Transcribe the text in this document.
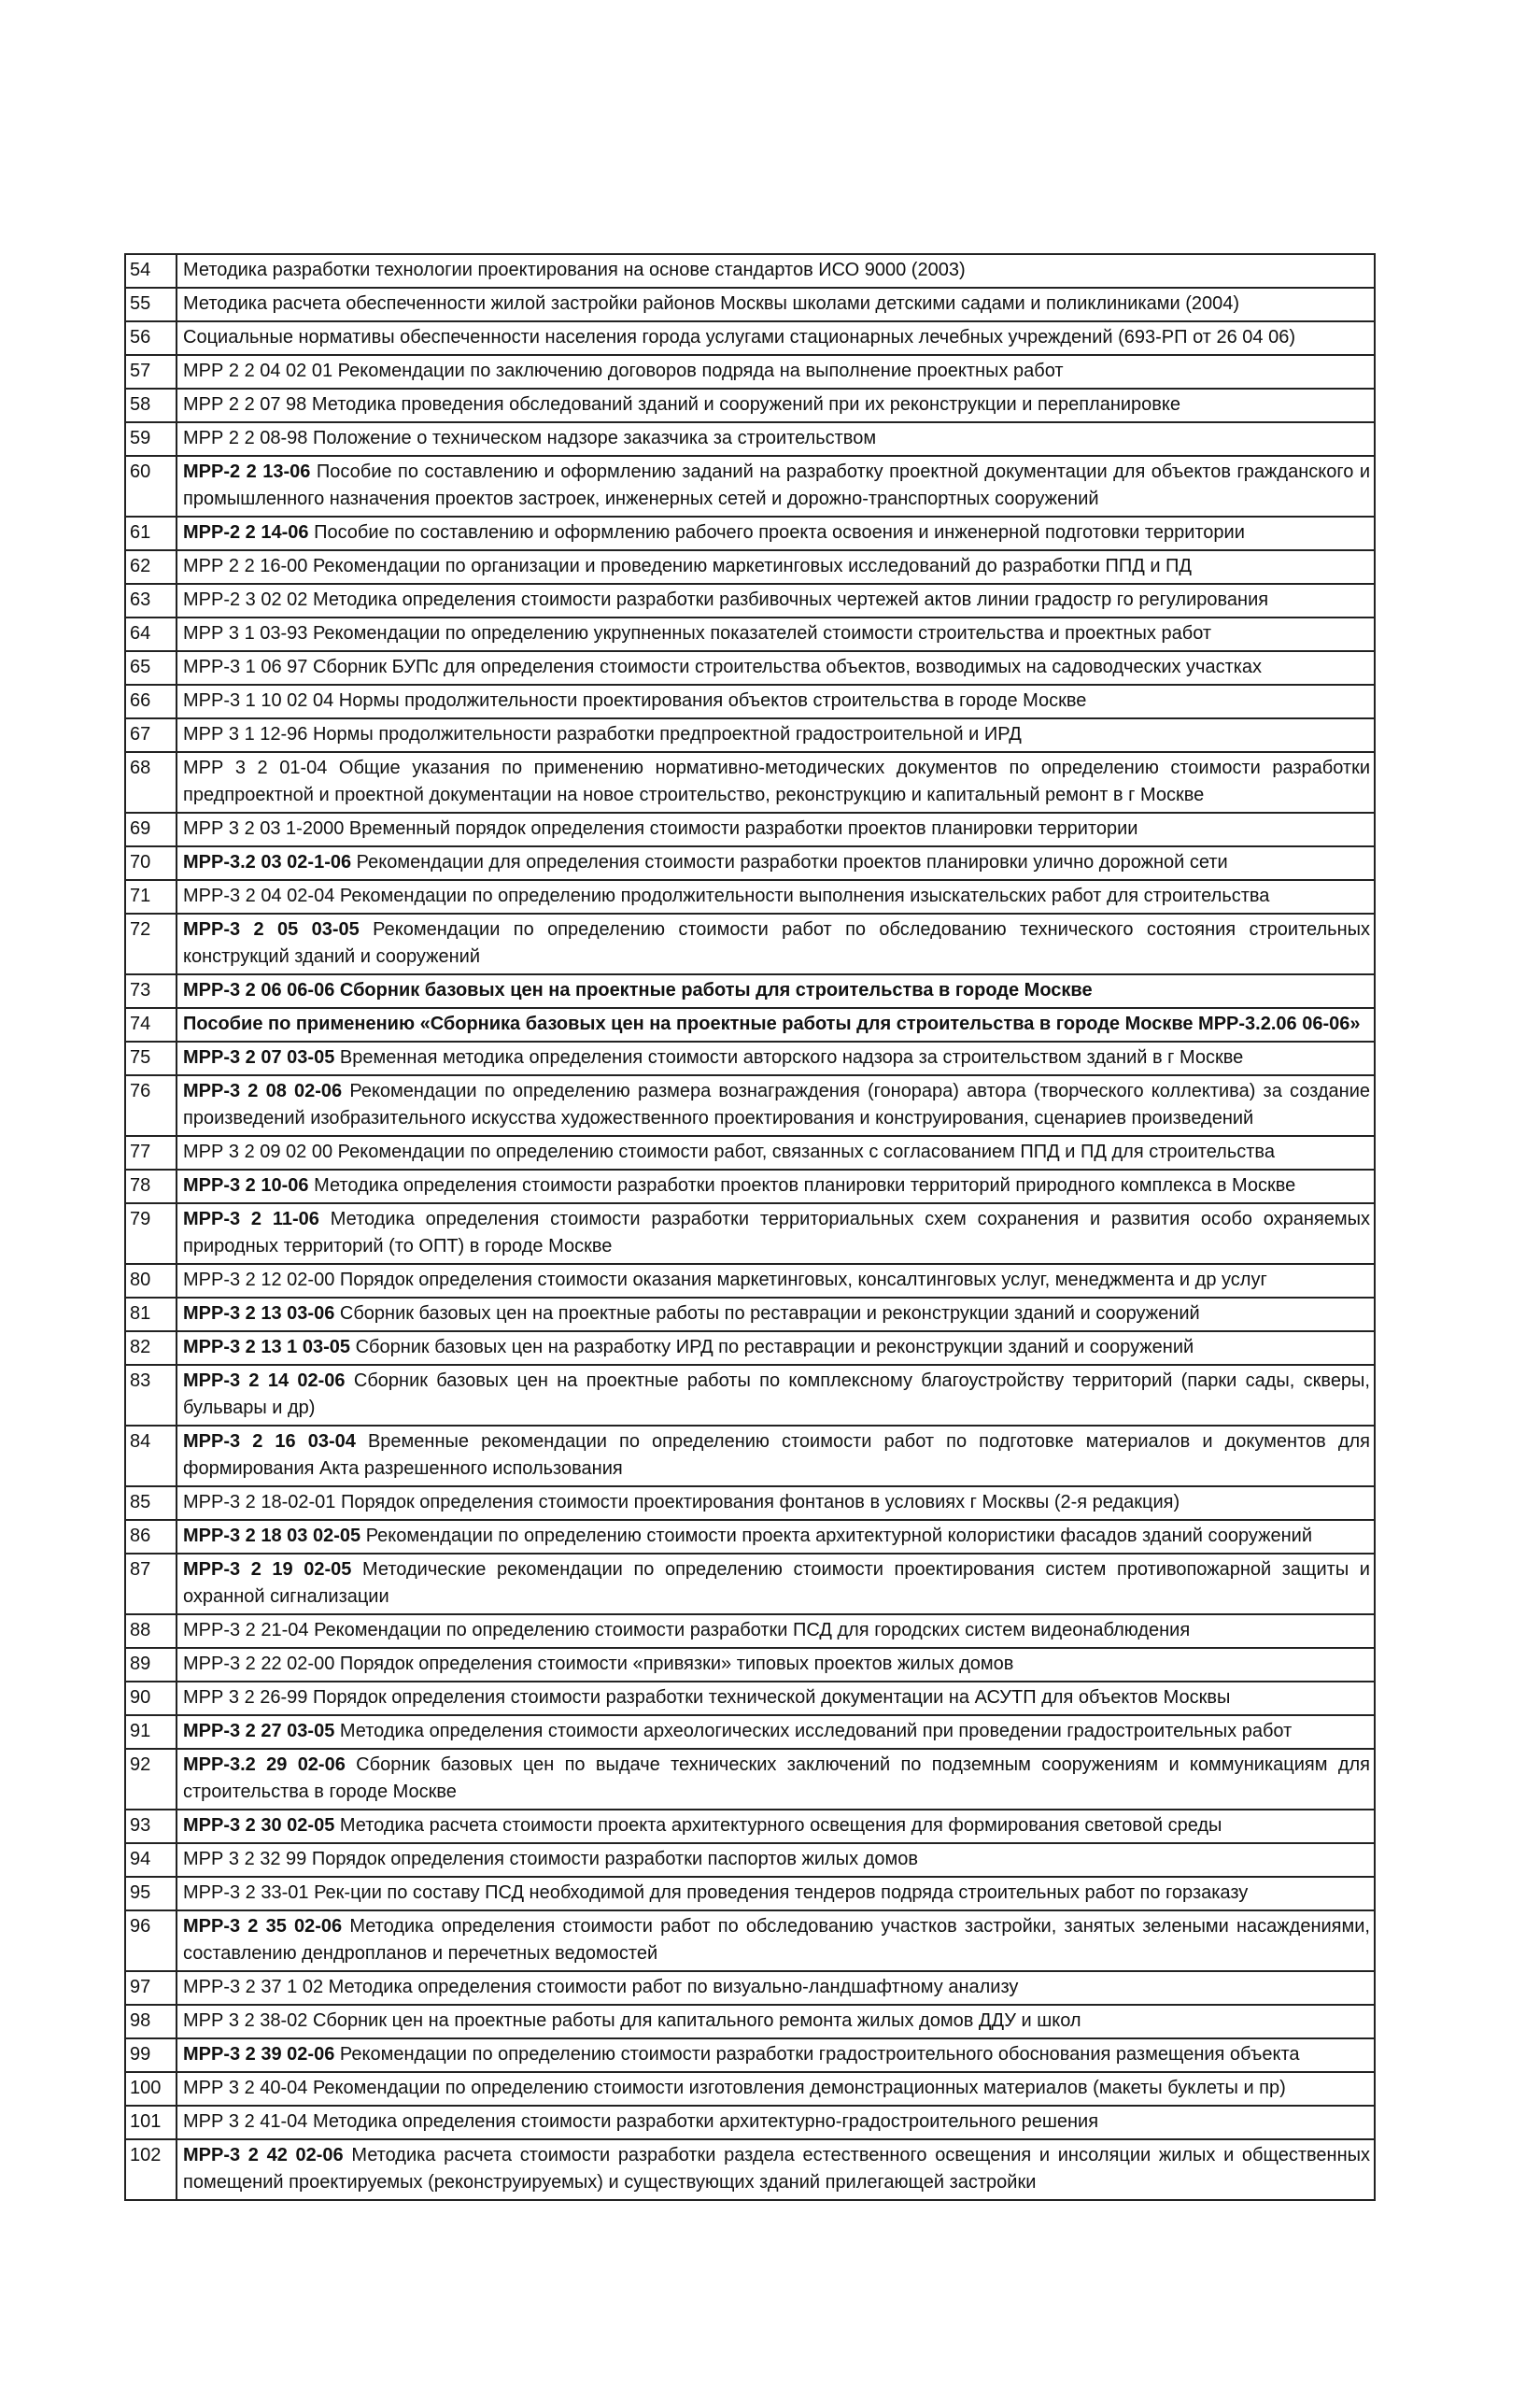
54	Методика разработки технологии проектирования на основе стандартов ИСО 9000 (2003)
55	Методика расчета обеспеченности жилой застройки районов Москвы школами детскими садами и поликлиниками (2004)
56	Социальные нормативы обеспеченности населения города услугами стационарных лечебных учреждений (693-РП от 26 04 06)
57	МРР 2 2 04 02 01 Рекомендации по заключению договоров подряда на выполнение проектных работ
58	МРР 2 2 07 98 Методика проведения обследований зданий и сооружений при их реконструкции и перепланировке
59	МРР 2 2 08-98 Положение о техническом надзоре заказчика за строительством
60	МРР-2 2 13-06 Пособие по составлению и оформлению заданий на разработку проектной документации для объектов гражданского и промышленного назначения проектов застроек, инженерных сетей и дорожно-транспортных сооружений
61	МРР-2 2 14-06 Пособие по составлению и оформлению рабочего проекта освоения и инженерной подготовки территории
62	МРР 2 2 16-00 Рекомендации по организации и проведению маркетинговых исследований до разработки ППД и ПД
63	МРР-2 3 02 02 Методика определения стоимости разработки разбивочных чертежей актов линии градостр го регулирования
64	МРР 3 1 03-93 Рекомендации по определению укрупненных показателей стоимости строительства и проектных работ
65	МРР-3 1 06 97 Сборник БУПс для определения стоимости строительства объектов, возводимых на садоводческих участках
66	МРР-3 1 10 02 04 Нормы продолжительности проектирования объектов строительства в городе Москве
67	МРР 3 1 12-96 Нормы продолжительности разработки предпроектной градостроительной и ИРД
68	МРР 3 2 01-04 Общие указания по применению нормативно-методических документов по определению стоимости разработки предпроектной и проектной документации на новое строительство, реконструкцию и капитальный ремонт в г Москве
69	МРР 3 2 03 1-2000 Временный порядок определения стоимости разработки проектов планировки территории
70	МРР-3.2 03 02-1-06 Рекомендации для определения стоимости разработки проектов планировки улично дорожной сети
71	МРР-3 2 04 02-04 Рекомендации по определению продолжительности выполнения изыскательских работ для строительства
72	МРР-3 2 05 03-05 Рекомендации по определению стоимости работ по обследованию технического состояния строительных конструкций зданий и сооружений
73	МРР-3 2 06 06-06 Сборник базовых цен на проектные работы для строительства в городе Москве
74	Пособие по применению «Сборника базовых цен на проектные работы для строительства в городе Москве МРР-3.2.06 06-06»
75	МРР-3 2 07 03-05 Временная методика определения стоимости авторского надзора за строительством зданий в г Москве
76	МРР-3 2 08 02-06 Рекомендации по определению размера вознаграждения (гонорара) автора (творческого коллектива) за создание произведений изобразительного искусства художественного проектирования и конструирования, сценариев произведений
77	МРР 3 2 09 02 00 Рекомендации по определению стоимости работ, связанных с согласованием ППД и ПД для строительства
78	МРР-3 2 10-06 Методика определения стоимости разработки проектов планировки территорий природного комплекса в Москве
79	МРР-3 2 11-06 Методика определения стоимости разработки территориальных схем сохранения и развития особо охраняемых природных территорий (то ОПТ) в городе Москве
80	МРР-3 2 12 02-00 Порядок определения стоимости оказания маркетинговых, консалтинговых услуг, менеджмента и др услуг
81	МРР-3 2 13 03-06 Сборник базовых цен на проектные работы по реставрации и реконструкции зданий и сооружений
82	МРР-3 2 13 1 03-05 Сборник базовых цен на разработку ИРД по реставрации и реконструкции зданий и сооружений
83	МРР-3 2 14 02-06 Сборник базовых цен на проектные работы по комплексному благоустройству территорий (парки сады, скверы, бульвары и др)
84	МРР-3 2 16 03-04 Временные рекомендации по определению стоимости работ по подготовке материалов и документов для формирования Акта разрешенного использования
85	МРР-3 2 18-02-01 Порядок определения стоимости проектирования фонтанов в условиях г Москвы (2-я редакция)
86	МРР-3 2 18 03 02-05 Рекомендации по определению стоимости проекта архитектурной колористики фасадов зданий сооружений
87	МРР-3 2 19 02-05 Методические рекомендации по определению стоимости проектирования систем противопожарной защиты и охранной сигнализации
88	МРР-3 2 21-04 Рекомендации по определению стоимости разработки ПСД для городских систем видеонаблюдения
89	МРР-3 2 22 02-00 Порядок определения стоимости «привязки» типовых проектов жилых домов
90	МРР 3 2 26-99 Порядок определения стоимости разработки технической документации на АСУТП для объектов Москвы
91	МРР-3 2 27 03-05 Методика определения стоимости археологических исследований при проведении градостроительных работ
92	МРР-3.2 29 02-06 Сборник базовых цен по выдаче технических заключений по подземным сооружениям и коммуникациям для строительства в городе Москве
93	МРР-3 2 30 02-05 Методика расчета стоимости проекта архитектурного освещения для формирования световой среды
94	МРР 3 2 32 99 Порядок определения стоимости разработки паспортов жилых домов
95	МРР-3 2 33-01 Рек-ции по составу ПСД необходимой для проведения тендеров подряда строительных работ по горзаказу
96	МРР-3 2 35 02-06 Методика определения стоимости работ по обследованию участков застройки, занятых зелеными насаждениями, составлению дендропланов и перечетных ведомостей
97	МРР-3 2 37 1 02 Методика определения стоимости работ по визуально-ландшафтному анализу
98	МРР 3 2 38-02 Сборник цен на проектные работы для капитального ремонта жилых домов ДДУ и школ
99	МРР-3 2 39 02-06 Рекомендации по определению стоимости разработки градостроительного обоснования размещения объекта
100	МРР 3 2 40-04 Рекомендации по определению стоимости изготовления демонстрационных материалов (макеты буклеты и пр)
101	МРР 3 2 41-04 Методика определения стоимости разработки архитектурно-градостроительного решения
102	МРР-3 2 42 02-06 Методика расчета стоимости разработки раздела естественного освещения и инсоляции жилых и общественных помещений проектируемых (реконструируемых) и существующих зданий прилегающей застройки
